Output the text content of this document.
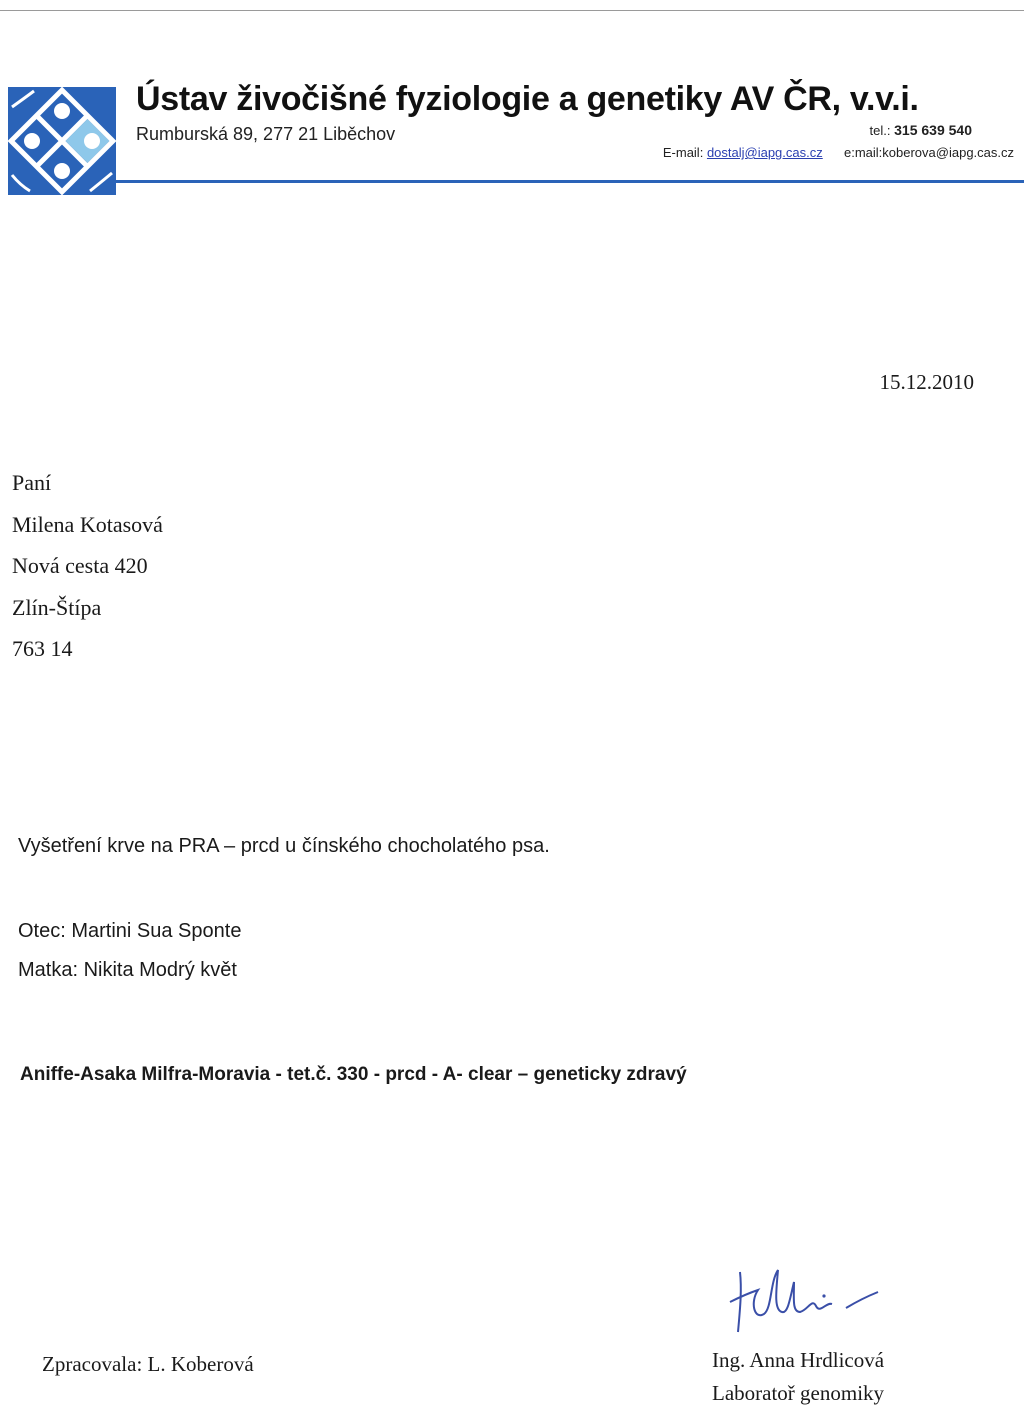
Ústav živočišné fyziologie a genetiky AV ČR, v.v.i.
Rumburská 89, 277 21 Liběchov	tel.: 315 639 540
E-mail: dostalj@iapg.cas.cz e:mail:koberova@iapg.cas.cz
15.12.2010
Paní
Milena Kotasová
Nová cesta 420
Zlín-Štípa
763 14
Vyšetření krve na PRA – prcd u čínského chocholatého psa.
Otec: Martini Sua Sponte
Matka: Nikita Modrý květ
Aniffe-Asaka Milfra-Moravia - tet.č. 330 - prcd - A- clear – geneticky zdravý
Zpracovala: L. Koberová	Ing. Anna Hrdlicová
Laboratoř genomiky
